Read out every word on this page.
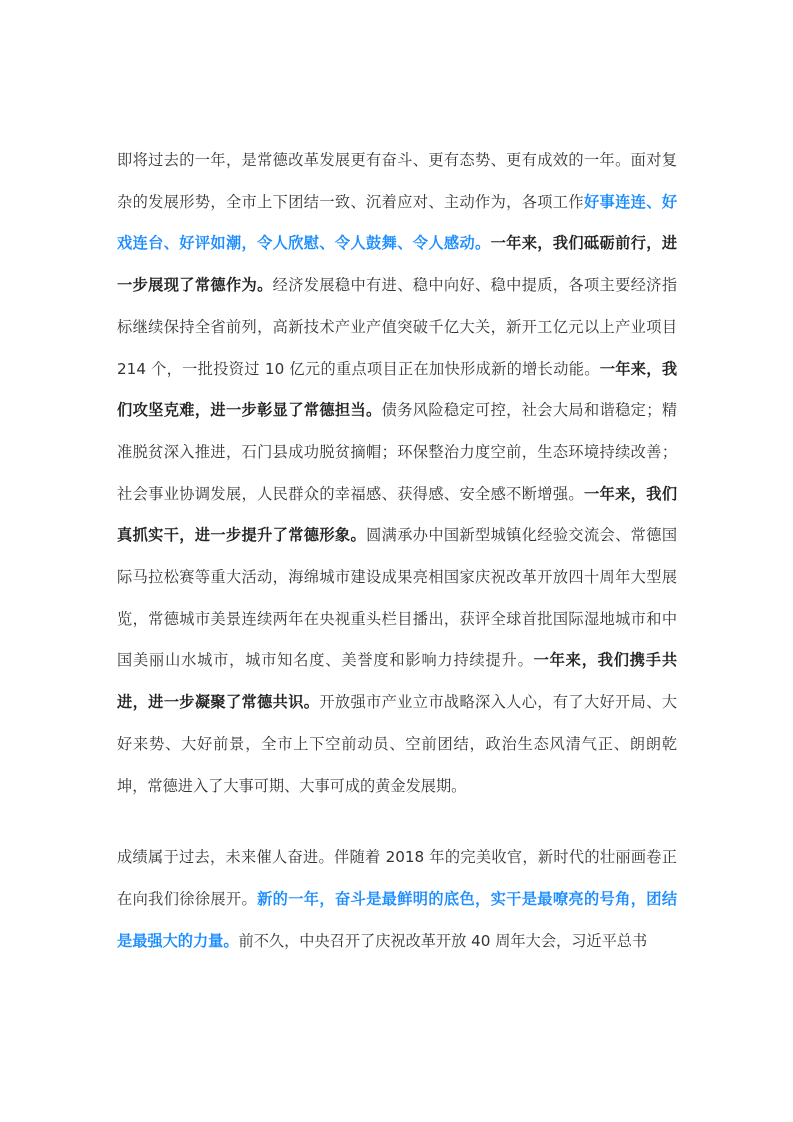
即将过去的一年，是常德改革发展更有奋斗、更有态势、更有成效的一年。面对复杂的发展形势，全市上下团结一致、沉着应对、主动作为，各项工作好事连连、好戏连台、好评如潮，令人欣慰、令人鼓舞、令人感动。一年来，我们砥砺前行，进一步展现了常德作为。经济发展稳中有进、稳中向好、稳中提质，各项主要经济指标继续保持全省前列，高新技术产业产值突破千亿大关，新开工亿元以上产业项目 214 个，一批投资过 10 亿元的重点项目正在加快形成新的增长动能。一年来，我们攻坚克难，进一步彰显了常德担当。债务风险稳定可控，社会大局和谐稳定；精准脱贫深入推进，石门县成功脱贫摘帽；环保整治力度空前，生态环境持续改善；社会事业协调发展，人民群众的幸福感、获得感、安全感不断增强。一年来，我们真抓实干，进一步提升了常德形象。圆满承办中国新型城镇化经验交流会、常德国际马拉松赛等重大活动，海绵城市建设成果亮相国家庆祝改革开放四十周年大型展览，常德城市美景连续两年在央视重头栏目播出，获评全球首批国际湿地城市和中国美丽山水城市，城市知名度、美誉度和影响力持续提升。一年来，我们携手共进，进一步凝聚了常德共识。开放强市产业立市战略深入人心，有了大好开局、大好来势、大好前景，全市上下空前动员、空前团结，政治生态风清气正、朗朗乾坤，常德进入了大事可期、大事可成的黄金发展期。

成绩属于过去，未来催人奋进。伴随着 2018 年的完美收官，新时代的壮丽画卷正在向我们徐徐展开。新的一年，奋斗是最鲜明的底色，实干是最嘹亮的号角，团结是最强大的力量。前不久，中央召开了庆祝改革开放 40 周年大会，习近平总书
